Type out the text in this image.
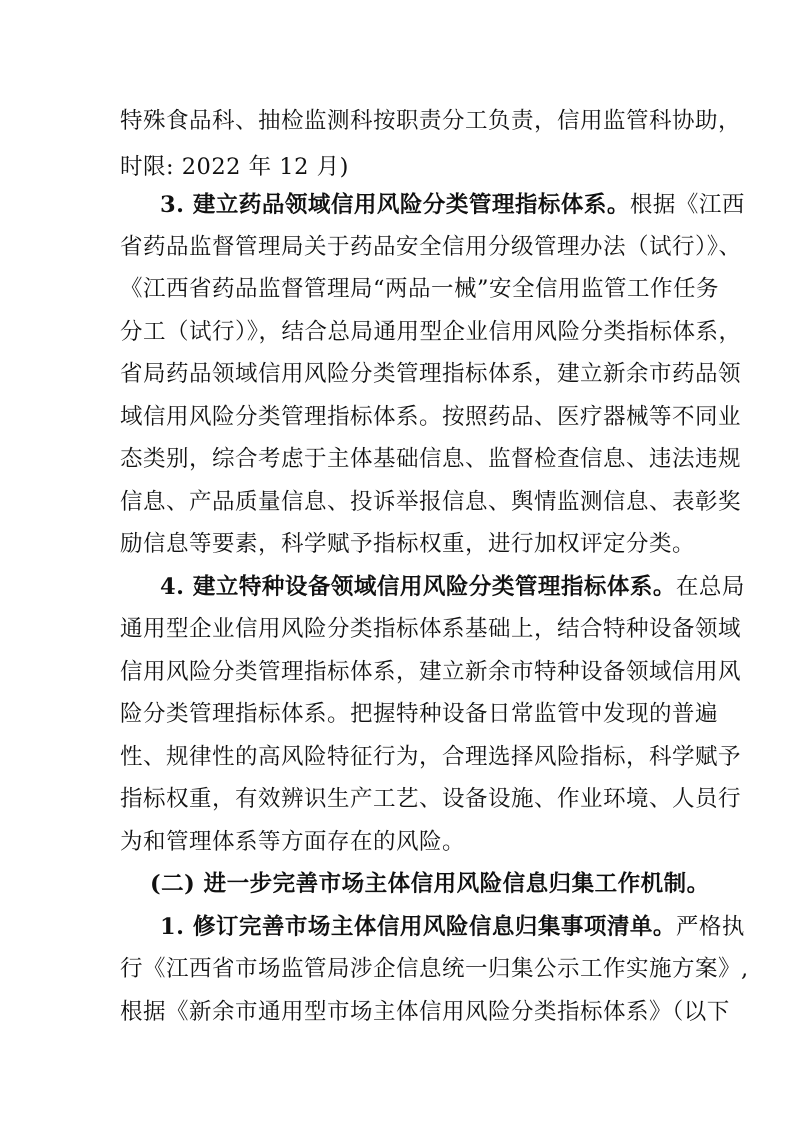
特殊食品科、抽检监测科按职责分工负责，信用监管科协助，
时限: 2022 年 12 月)
3. 建立药品领域信用风险分类管理指标体系。根据《江西
省药品监督管理局关于药品安全信用分级管理办法（试行）》、
《江西省药品监督管理局“两品一械”安全信用监管工作任务
分工（试行）》，结合总局通用型企业信用风险分类指标体系，
省局药品领域信用风险分类管理指标体系，建立新余市药品领
域信用风险分类管理指标体系。按照药品、医疗器械等不同业
态类别，综合考虑于主体基础信息、监督检查信息、违法违规
信息、产品质量信息、投诉举报信息、舆情监测信息、表彰奖
励信息等要素，科学赋予指标权重，进行加权评定分类。
4. 建立特种设备领域信用风险分类管理指标体系。在总局
通用型企业信用风险分类指标体系基础上，结合特种设备领域
信用风险分类管理指标体系，建立新余市特种设备领域信用风
险分类管理指标体系。把握特种设备日常监管中发现的普遍
性、规律性的高风险特征行为，合理选择风险指标，科学赋予
指标权重，有效辨识生产工艺、设备设施、作业环境、人员行
为和管理体系等方面存在的风险。
(二) 进一步完善市场主体信用风险信息归集工作机制。
1. 修订完善市场主体信用风险信息归集事项清单。严格执
行《江西省市场监管局涉企信息统一归集公示工作实施方案》,
根据《新余市通用型市场主体信用风险分类指标体系》（以下
